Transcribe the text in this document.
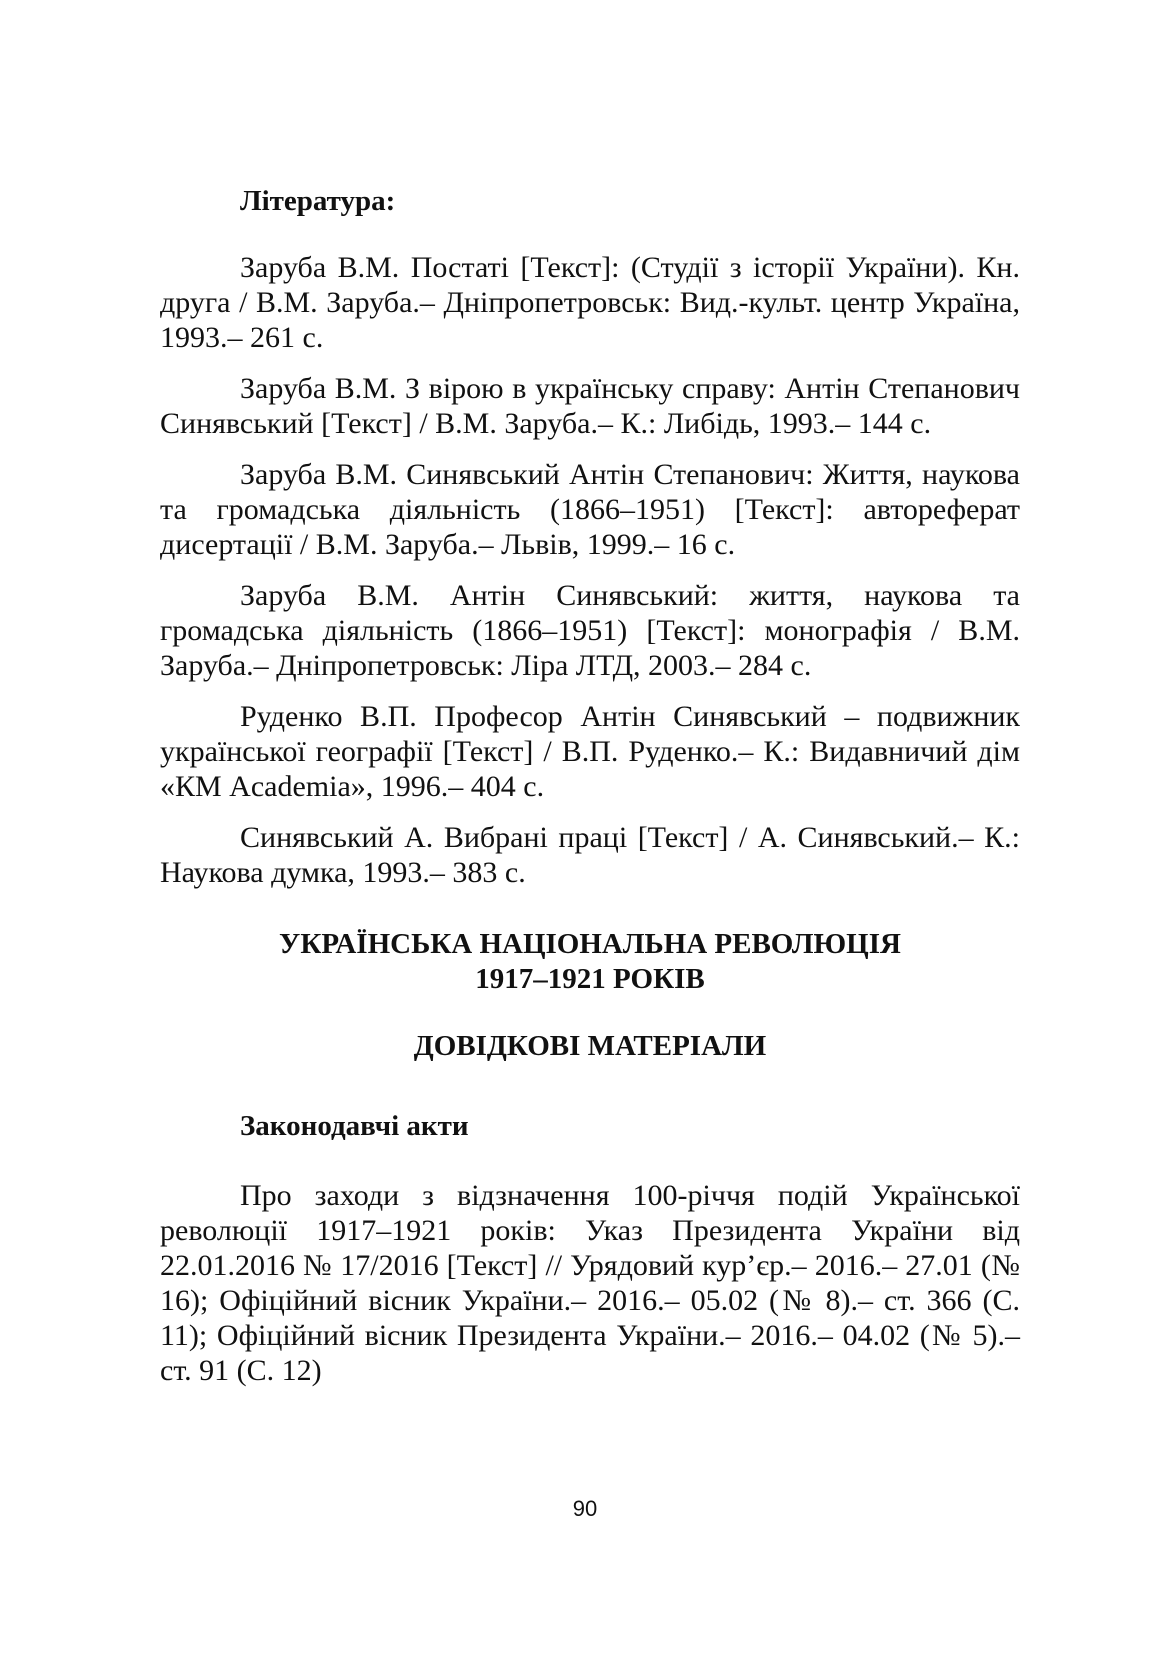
Література:

Заруба В.М. Постаті [Текст]: (Студії з історії України). Кн. друга / В.М. Заруба.– Дніпропетровськ: Вид.-культ. центр Україна, 1993.– 261 с.

Заруба В.М. З вірою в українську справу: Антін Степанович Синявський [Текст] / В.М. Заруба.– К.: Либідь, 1993.– 144 с.

Заруба В.М. Синявський Антін Степанович: Життя, наукова та громадська діяльність (1866–1951) [Текст]: автореферат дисертації / В.М. Заруба.– Львів, 1999.– 16 с.

Заруба В.М. Антін Синявський: життя, наукова та громадська діяльність (1866–1951) [Текст]: монографія / В.М. Заруба.– Дніпропетровськ: Ліра ЛТД, 2003.– 284 с.

Руденко В.П. Професор Антін Синявський – подвижник української географії [Текст] / В.П. Руденко.– К.: Видавничий дім «КМ Academia», 1996.– 404 с.

Синявський А. Вибрані праці [Текст] / А. Синявський.– К.: Наукова думка, 1993.– 383 с.

УКРАЇНСЬКА НАЦІОНАЛЬНА РЕВОЛЮЦІЯ
1917–1921 РОКІВ
ДОВІДКОВІ МАТЕРІАЛИ
Законодавчі акти

Про заходи з відзначення 100-річчя подій Української революції 1917–1921 років: Указ Президента України від 22.01.2016 № 17/2016 [Текст] // Урядовий кур’єр.– 2016.– 27.01 (№ 16); Офіційний вісник України.– 2016.– 05.02 (№ 8).– ст. 366 (С. 11); Офіційний вісник Президента України.– 2016.– 04.02 (№ 5).– ст. 91 (С. 12)

90
